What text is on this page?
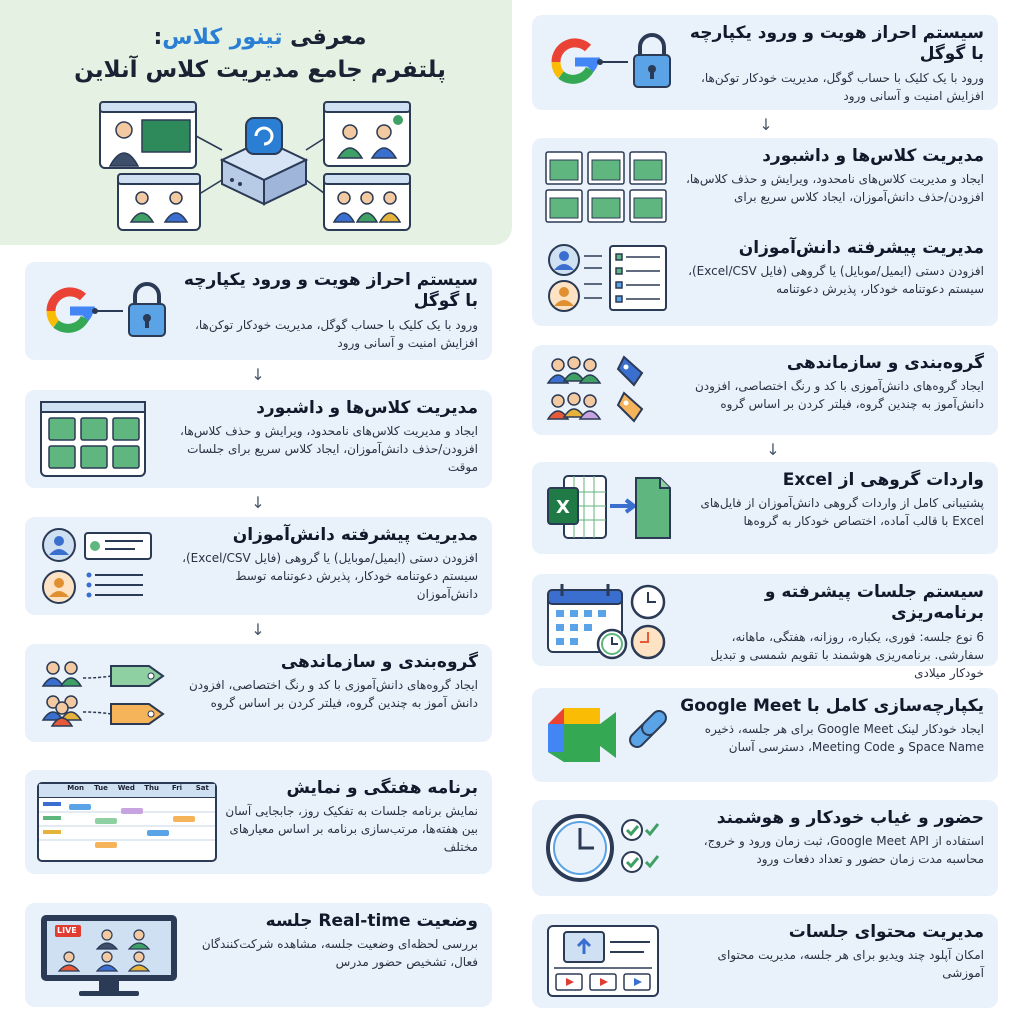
معرفی تینور کلاس:
پلتفرم جامع مدیریت کلاس آنلاین
سیستم احراز هویت و ورود یکپارچه با گوگل

ورود با یک کلیک با حساب گوگل، مدیریت خودکار توکن‌ها، افزایش امنیت و آسانی ورود

↓
مدیریت کلاس‌ها و داشبورد

ایجاد و مدیریت کلاس‌های نامحدود، ویرایش و حذف کلاس‌ها، افزودن/حذف دانش‌آموزان، ایجاد کلاس سریع برای جلسات موقت

↓
مدیریت پیشرفته دانش‌آموزان

افزودن دستی (ایمیل/موبایل) یا گروهی (فایل Excel/CSV)، سیستم دعوتنامه خودکار، پذیرش دعوتنامه توسط دانش‌آموزان

↓
گروه‌بندی و سازماندهی

ایجاد گروه‌های دانش‌آموزی با کد و رنگ اختصاصی، افزودن دانش آموز به چندین گروه، فیلتر کردن بر اساس گروه

Mon	Tue	Wed	Thu	Fri	Sat	برنامه هفتگی و نمایش

نمایش برنامه جلسات به تفکیک روز، جابجایی آسان بین هفته‌ها، مرتب‌سازی برنامه بر اساس معیارهای مختلف

LIVE	وضعیت Real-time جلسه

بررسی لحظه‌ای وضعیت جلسه، مشاهده شرکت‌کنندگان فعال، تشخیص حضور مدرس

سیستم احراز هویت و ورود یکپارچه با گوگل

ورود با یک کلیک با حساب گوگل، مدیریت خودکار توکن‌ها، افزایش امنیت و آسانی ورود

↓
مدیریت کلاس‌ها و داشبورد

ایجاد و مدیریت کلاس‌های نامحدود، ویرایش و حذف کلاس‌ها، افزودن/حذف دانش‌آموزان، ایجاد کلاس سریع برای

مدیریت پیشرفته دانش‌آموزان

افزودن دستی (ایمیل/موبایل) یا گروهی (فایل Excel/CSV)، سیستم دعوتنامه خودکار، پذیرش دعوتنامه

گروه‌بندی و سازماندهی

ایجاد گروه‌های دانش‌آموزی با کد و رنگ اختصاصی، افزودن دانش‌آموز به چندین گروه، فیلتر کردن بر اساس گروه

↓
X
واردات گروهی از Excel

پشتیبانی کامل از واردات گروهی دانش‌آموزان از فایل‌های Excel با قالب آماده، اختصاص خودکار به گروه‌ها

سیستم جلسات پیشرفته و برنامه‌ریزی

6 نوع جلسه: فوری، یکباره، روزانه، هفتگی، ماهانه، سفارشی. برنامه‌ریزی هوشمند با تقویم شمسی و تبدیل خودکار میلادی

یکپارچه‌سازی کامل با Google Meet

ایجاد خودکار لینک Google Meet برای هر جلسه، ذخیره Space Name و Meeting Code، دسترسی آسان

حضور و غیاب خودکار و هوشمند

استفاده از Google Meet API، ثبت زمان ورود و خروج، محاسبه مدت زمان حضور و تعداد دفعات ورود

مدیریت محتوای جلسات

امکان آپلود چند ویدیو برای هر جلسه، مدیریت محتوای آموزشی
